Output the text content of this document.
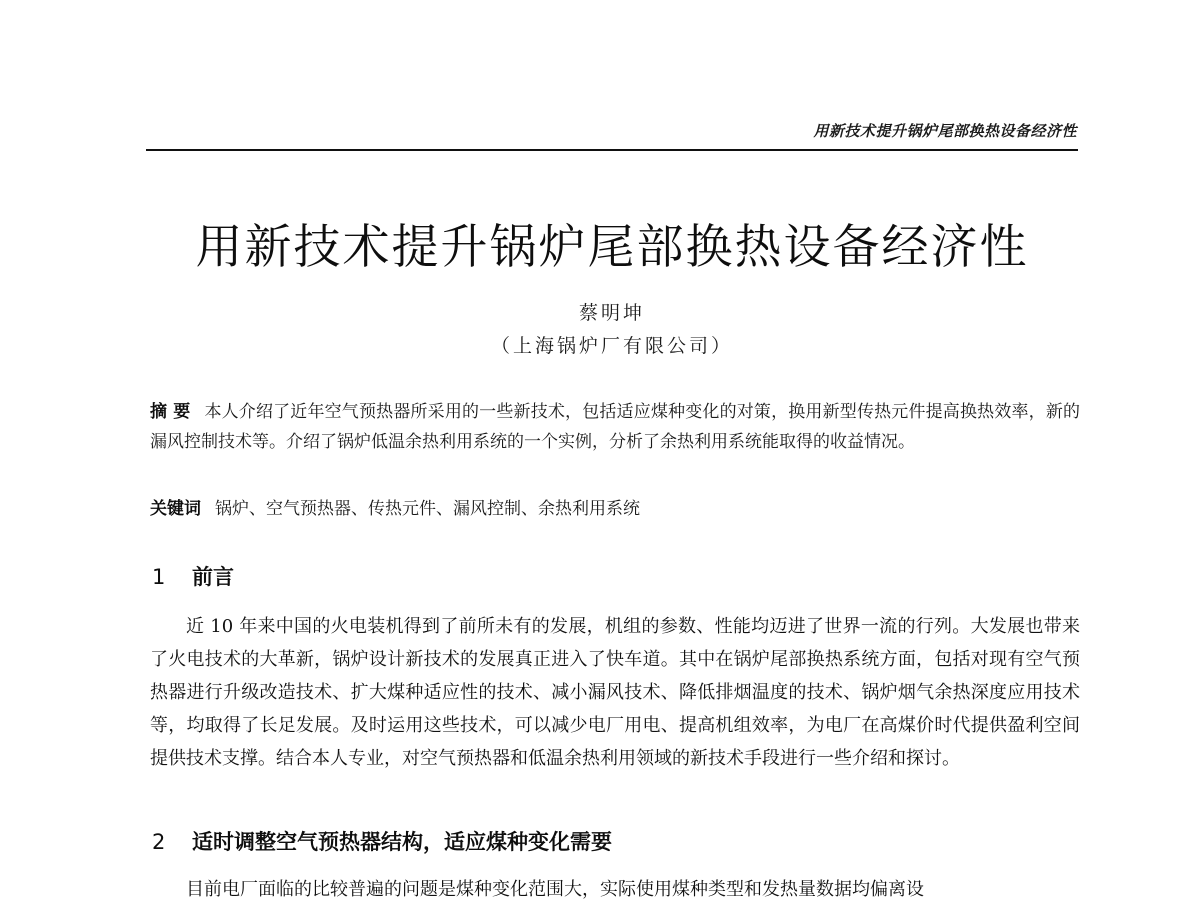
用新技术提升锅炉尾部换热设备经济性
用新技术提升锅炉尾部换热设备经济性
蔡明坤
（上海锅炉厂有限公司）
摘 要 本人介绍了近年空气预热器所采用的一些新技术，包括适应煤种变化的对策，换用新型传热元件提高换热效率，新的漏风控制技术等。介绍了锅炉低温余热利用系统的一个实例，分析了余热利用系统能取得的收益情况。
关键词 锅炉、空气预热器、传热元件、漏风控制、余热利用系统
1 前言
近 10 年来中国的火电装机得到了前所未有的发展，机组的参数、性能均迈进了世界一流的行列。大发展也带来了火电技术的大革新，锅炉设计新技术的发展真正进入了快车道。其中在锅炉尾部换热系统方面，包括对现有空气预热器进行升级改造技术、扩大煤种适应性的技术、减小漏风技术、降低排烟温度的技术、锅炉烟气余热深度应用技术等，均取得了长足发展。及时运用这些技术，可以减少电厂用电、提高机组效率，为电厂在高煤价时代提供盈利空间提供技术支撑。结合本人专业，对空气预热器和低温余热利用领域的新技术手段进行一些介绍和探讨。
2 适时调整空气预热器结构，适应煤种变化需要
目前电厂面临的比较普遍的问题是煤种变化范围大，实际使用煤种类型和发热量数据均偏离设
